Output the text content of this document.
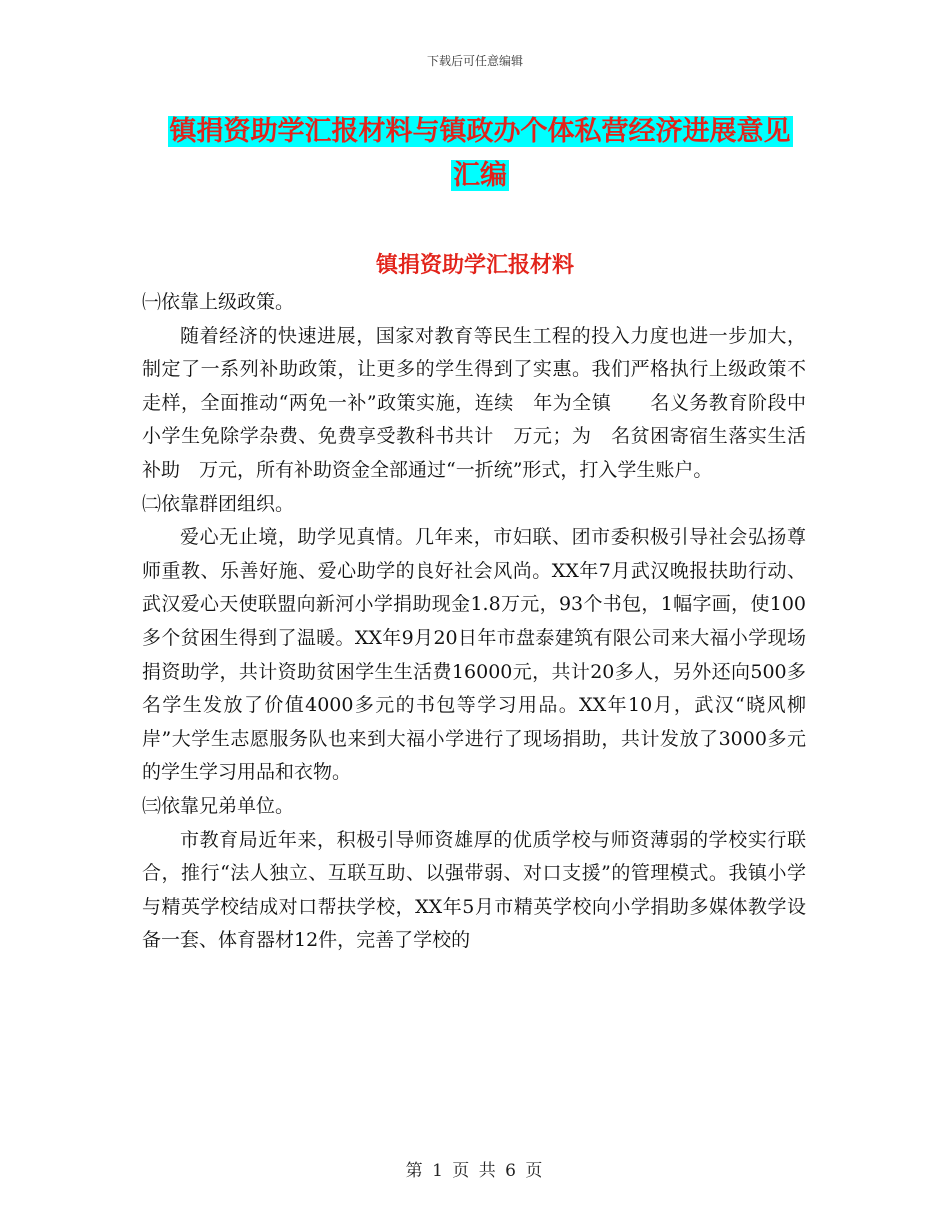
下载后可任意编辑
镇捐资助学汇报材料与镇政办个体私营经济进展意见
汇编
镇捐资助学汇报材料

㈠依靠上级政策。

随着经济的快速进展，国家对教育等民生工程的投入力度也进一步加大，制定了一系列补助政策，让更多的学生得到了实惠。我们严格执行上级政策不走样，全面推动“两免一补”政策实施，连续　年为全镇　　名义务教育阶段中小学生免除学杂费、免费享受教科书共计　万元；为　名贫困寄宿生落实生活补助　万元，所有补助资金全部通过“一折统”形式，打入学生账户。

㈡依靠群团组织。

爱心无止境，助学见真情。几年来，市妇联、团市委积极引导社会弘扬尊师重教、乐善好施、爱心助学的良好社会风尚。XX年7月武汉晚报扶助行动、武汉爱心天使联盟向新河小学捐助现金1.8万元，93个书包，1幅字画，使100多个贫困生得到了温暖。XX年9月20日年市盘泰建筑有限公司来大福小学现场捐资助学，共计资助贫困学生生活费16000元，共计20多人，另外还向500多名学生发放了价值4000多元的书包等学习用品。XX年10月，武汉“晓风柳岸”大学生志愿服务队也来到大福小学进行了现场捐助，共计发放了3000多元的学生学习用品和衣物。

㈢依靠兄弟单位。

市教育局近年来，积极引导师资雄厚的优质学校与师资薄弱的学校实行联合，推行“法人独立、互联互助、以强带弱、对口支援”的管理模式。我镇小学与精英学校结成对口帮扶学校，XX年5月市精英学校向小学捐助多媒体教学设备一套、体育器材12件，完善了学校的

第 1 页 共 6 页
